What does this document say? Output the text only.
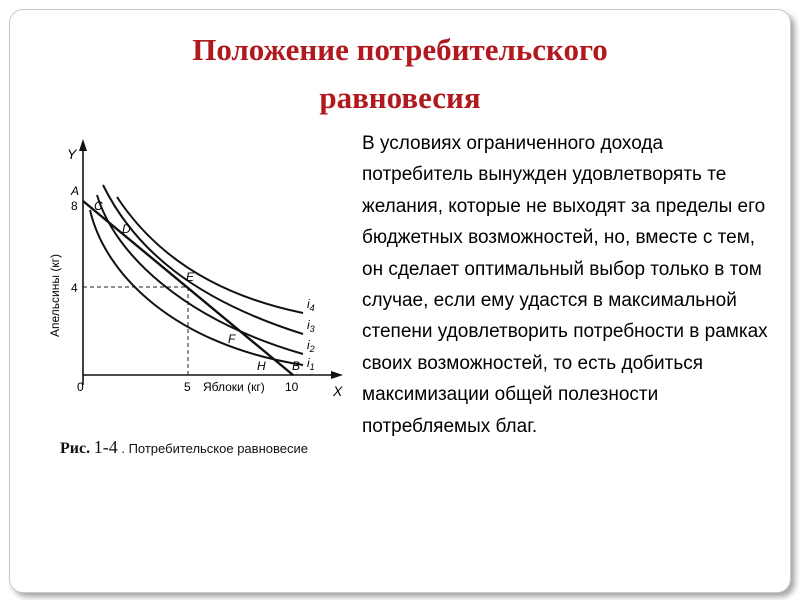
Положение потребительского
равновесия
Y
X
0
8
4
5	10
Яблоки (кг)
Апельсины (кг)
A
C
D
E
F
H B
$i_4$
$i_3$
$i_2$
$i_1$
Рис. 1-4 . Потребительское равновесие

В условиях ограниченного дохода потребитель вынужден удовлетворять те желания, которые не выходят за пределы его бюджетных возможностей, но, вместе с тем, он сделает оптимальный выбор только в том случае, если ему удастся в максимальной степени удовлетворить потребности в рамках своих возможностей, то есть добиться максимизации общей полезности потребляемых благ.
